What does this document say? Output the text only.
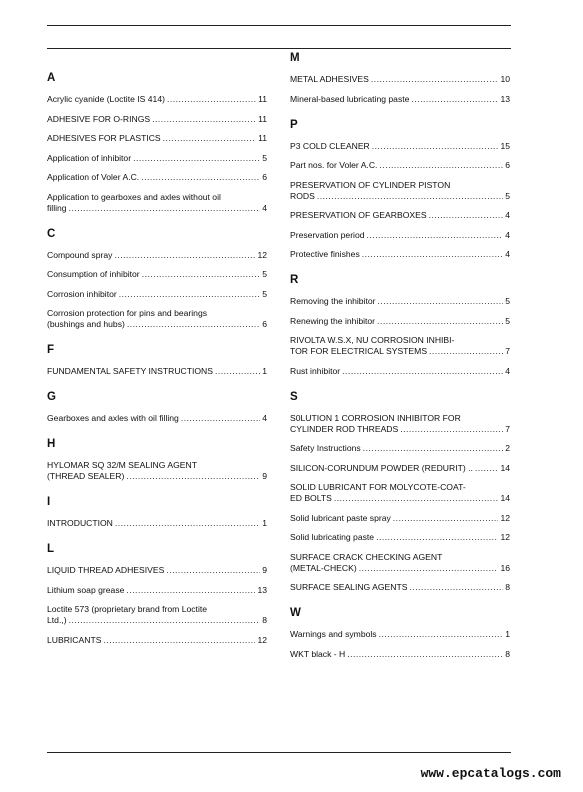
A
Acrylic cyanide (Loctite IS 414) .....	11
ADHESIVE FOR O-RINGS .....	11
ADHESIVES FOR PLASTICS .....	11
Application of inhibitor .....	5
Application of Voler A.C. .....	6
Application to gearboxes and axles without oil
filling .....	4
C
Compound spray .....	12
Consumption of inhibitor .....	5
Corrosion inhibitor .....	5
Corrosion protection for pins and bearings
(bushings and hubs) .....	6
F
FUNDAMENTAL SAFETY INSTRUCTIONS .....	1
G
Gearboxes and axles with oil filling .....	4
H
HYLOMAR SQ 32/M SEALING AGENT
(THREAD SEALER) .....	9
I
INTRODUCTION .....	1
L
LIQUID THREAD ADHESIVES .....	9
Lithium soap grease .....	13
Loctite 573 (proprietary brand from Loctite
Ltd.,) .....	8
LUBRICANTS .....	12
M
METAL ADHESIVES .....	10
Mineral-based lubricating paste .....	13
P
P3 COLD CLEANER .....	15
Part nos. for Voler A.C. .....	6
PRESERVATION OF CYLINDER PISTON
RODS .....	5
PRESERVATION OF GEARBOXES .....	4
Preservation period .....	4
Protective finishes .....	4
R
Removing the inhibitor .....	5
Renewing the inhibitor .....	5
RIVOLTA W.S.X, NU CORROSION INHIBI-
TOR FOR ELECTRICAL SYSTEMS .....	7
Rust inhibitor .....	4
S
S0LUTION 1 CORROSION INHIBITOR FOR
CYLINDER ROD THREADS .....	7
Safety Instructions .....	2
SILICON-CORUNDUM POWDER (REDURIT) .. .....	14
SOLID LUBRICANT FOR MOLYCOTE-COAT-
ED BOLTS .....	14
Solid lubricant paste spray .....	12
Solid lubricating paste .....	12
SURFACE CRACK CHECKING AGENT
(METAL-CHECK) .....	16
SURFACE SEALING AGENTS .....	8
W
Warnings and symbols .....	1
WKT black - H .....	8
www.epcatalogs.com
